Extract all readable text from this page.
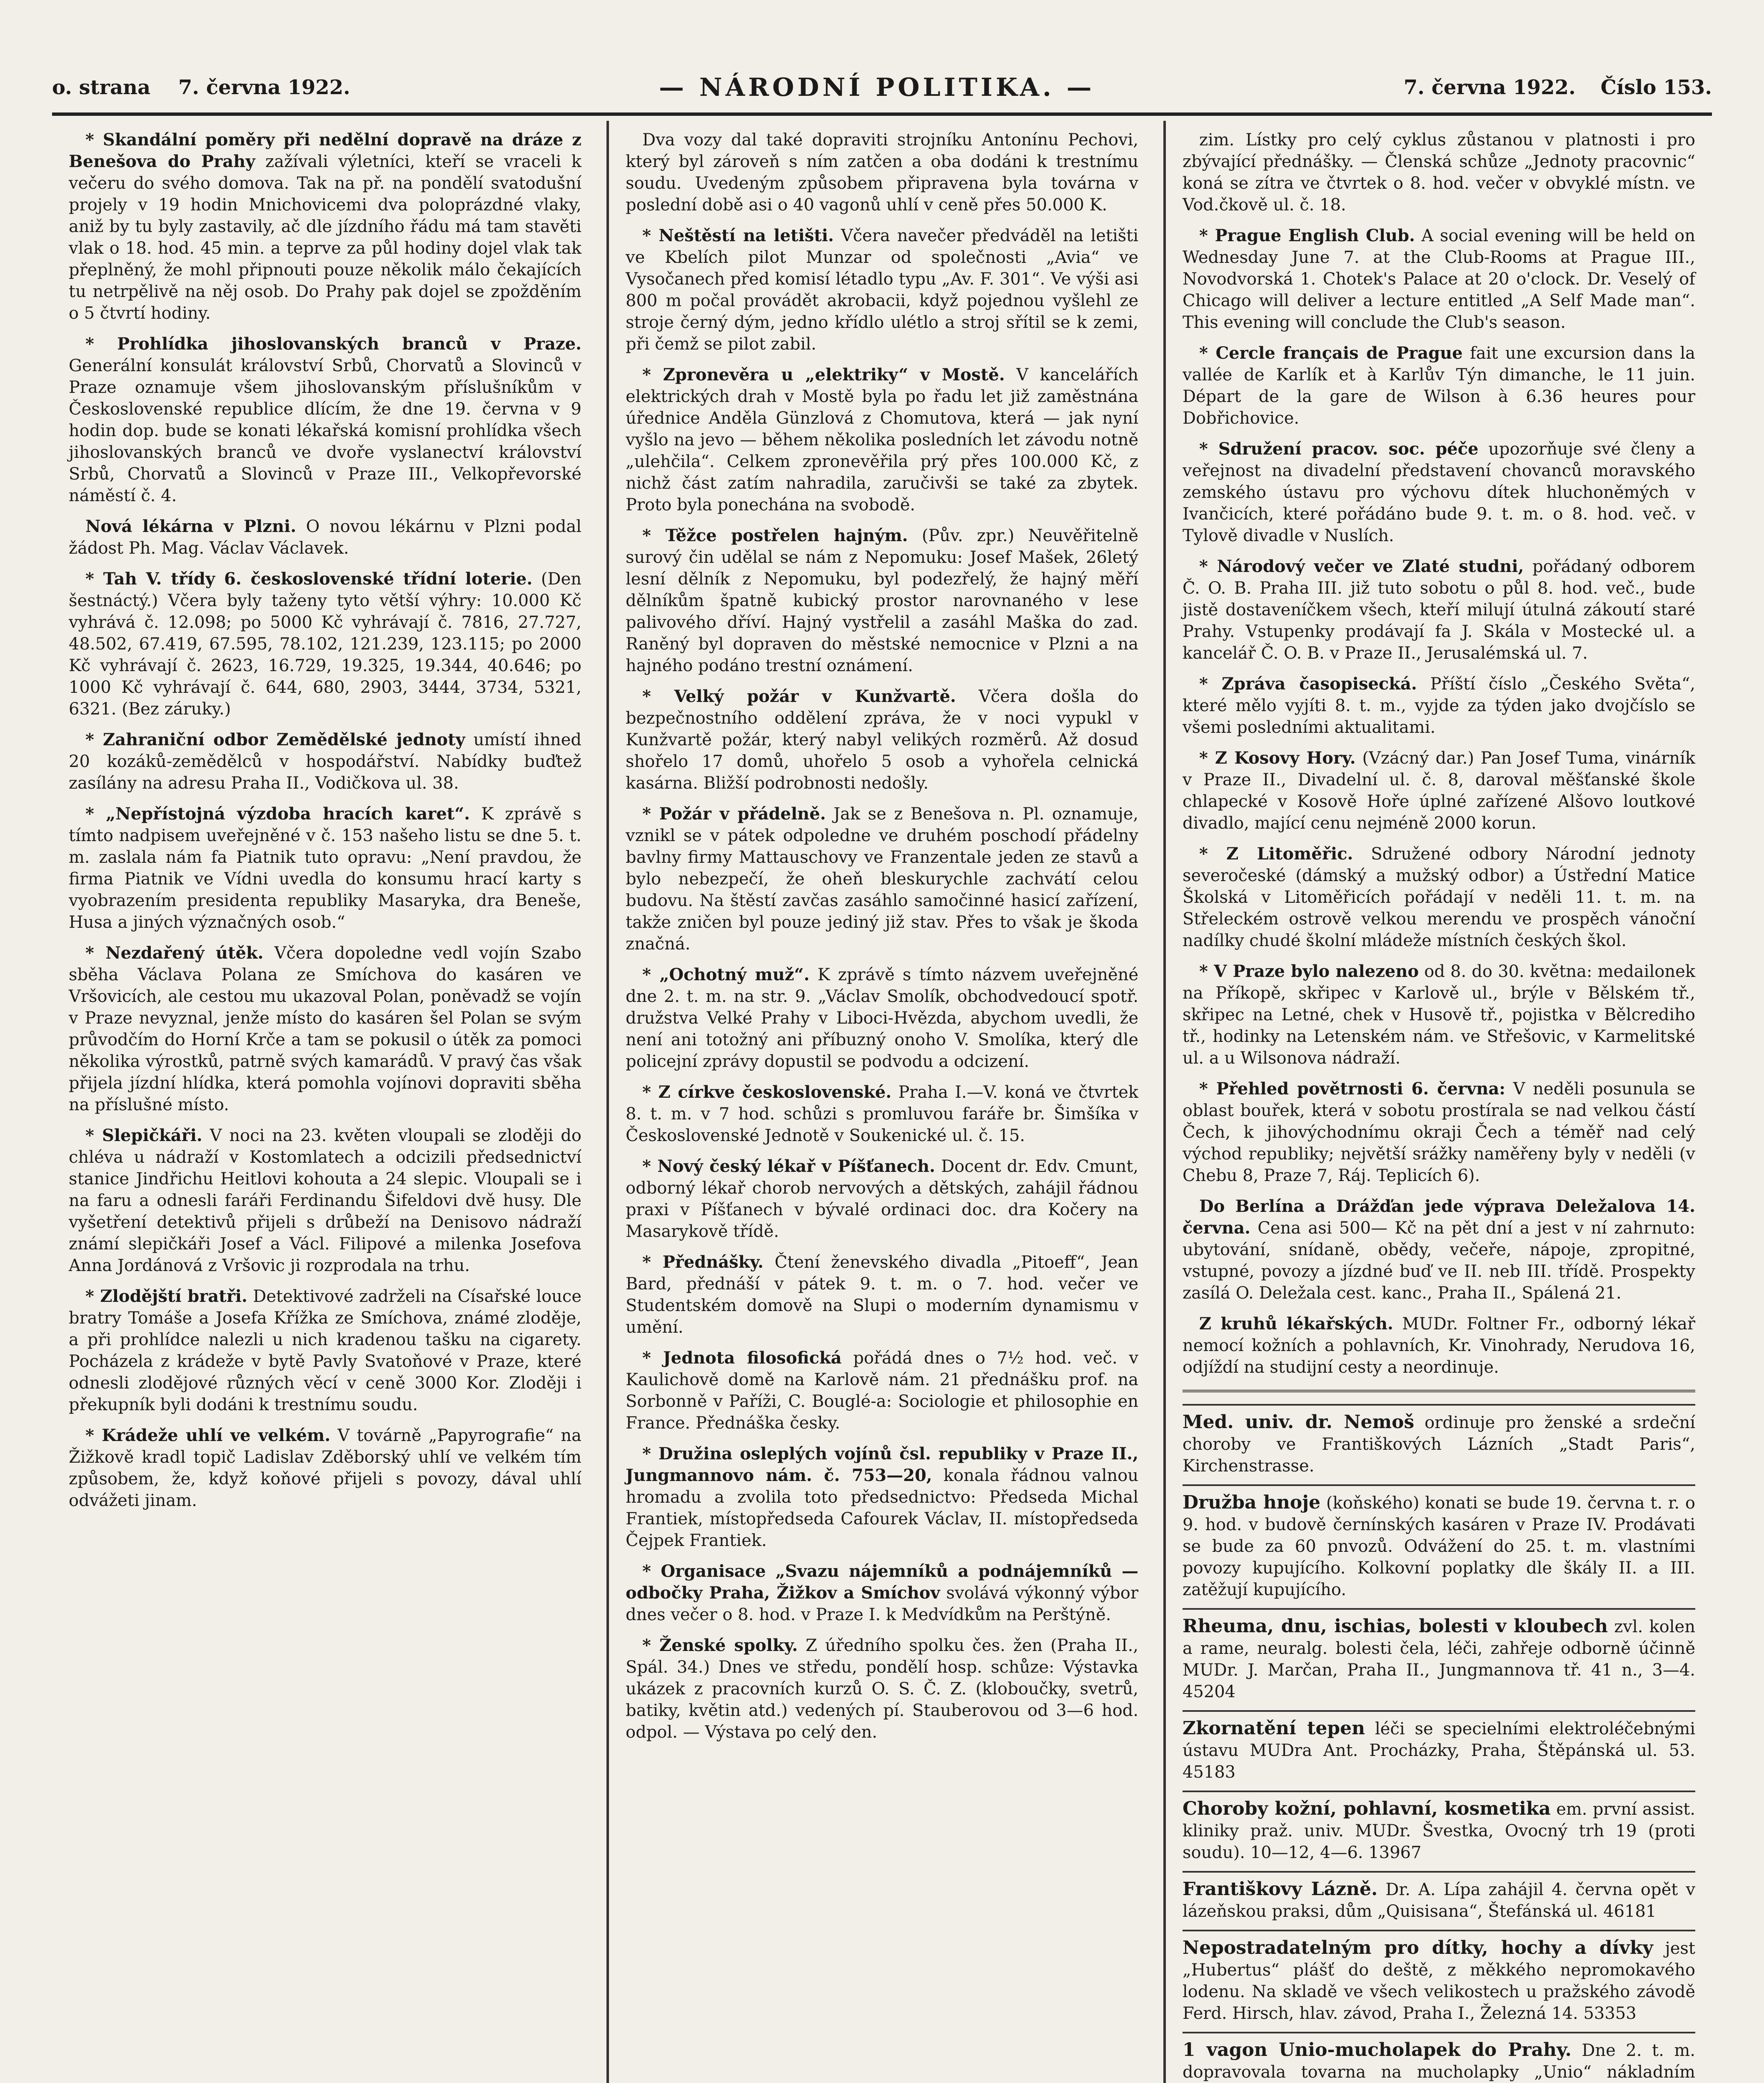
o. strana 7. června 1922.	— NÁRODNÍ POLITIKA. —	7. června 1922. Číslo 153.

* Skandální poměry při nedělní dopravě na dráze z Benešova do Prahy zažívali výletníci, kteří se vraceli k večeru do svého domova. Tak na př. na pondělí svatodušní projely v 19 hodin Mnichovicemi dva poloprázdné vlaky, aniž by tu byly zastavily, ač dle jízdního řádu má tam stavěti vlak o 18. hod. 45 min. a teprve za půl hodiny dojel vlak tak přeplněný, že mohl připnouti pouze několik málo čekajících tu netrpělivě na něj osob. Do Prahy pak dojel se zpožděním o 5 čtvrtí hodiny.

* Prohlídka jihoslovanských branců v Praze. Generální konsulát království Srbů, Chorvatů a Slovinců v Praze oznamuje všem jihoslovanským příslušníkům v Československé republice dlícím, že dne 19. června v 9 hodin dop. bude se konati lékařská komisní prohlídka všech jihoslovanských branců ve dvoře vyslanectví království Srbů, Chorvatů a Slovinců v Praze III., Velkopřevorské náměstí č. 4.

Nová lékárna v Plzni. O novou lékárnu v Plzni podal žádost Ph. Mag. Václav Václavek.

* Tah V. třídy 6. československé třídní loterie. (Den šestnáctý.) Včera byly taženy tyto větší výhry: 10.000 Kč vyhrává č. 12.098; po 5000 Kč vyhrávají č. 7816, 27.727, 48.502, 67.419, 67.595, 78.102, 121.239, 123.115; po 2000 Kč vyhrávají č. 2623, 16.729, 19.325, 19.344, 40.646; po 1000 Kč vyhrávají č. 644, 680, 2903, 3444, 3734, 5321, 6321. (Bez záruky.)

* Zahraniční odbor Zemědělské jednoty umístí ihned 20 kozáků-zemědělců v hospodářství. Nabídky buďtež zasílány na adresu Praha II., Vodičkova ul. 38.

* „Nepřístojná výzdoba hracích karet“. K zprávě s tímto nadpisem uveřejněné v č. 153 našeho listu se dne 5. t. m. zaslala nám fa Piatnik tuto opravu: „Není pravdou, že firma Piatnik ve Vídni uvedla do konsumu hrací karty s vyobrazením presidenta republiky Masaryka, dra Beneše, Husa a jiných význačných osob.“

* Nezdařený útěk. Včera dopoledne vedl vojín Szabo sběha Václava Polana ze Smíchova do kasáren ve Vršovicích, ale cestou mu ukazoval Polan, poněvadž se vojín v Praze nevyznal, jenže místo do kasáren šel Polan se svým průvodčím do Horní Krče a tam se pokusil o útěk za pomoci několika výrostků, patrně svých kamarádů. V pravý čas však přijela jízdní hlídka, která pomohla vojínovi dopraviti sběha na příslušné místo.

* Slepičkáři. V noci na 23. květen vloupali se zloději do chléva u nádraží v Kostomlatech a odcizili předsednictví stanice Jindřichu Heitlovi kohouta a 24 slepic. Vloupali se i na faru a odnesli faráři Ferdinandu Šifeldovi dvě husy. Dle vyšetření detektivů přijeli s drůbeží na Denisovo nádraží známí slepičkáři Josef a Václ. Filipové a milenka Josefova Anna Jordánová z Vršovic ji rozprodala na trhu.

* Zlodějští bratři. Detektivové zadrželi na Císařské louce bratry Tomáše a Josefa Křížka ze Smíchova, známé zloděje, a při prohlídce nalezli u nich kradenou tašku na cigarety. Pocházela z krádeže v bytě Pavly Svatoňové v Praze, které odnesli zlodějové různých věcí v ceně 3000 Kor. Zloději i překupník byli dodáni k trestnímu soudu.

* Krádeže uhlí ve velkém. V továrně „Papyrografie“ na Žižkově kradl topič Ladislav Zděborský uhlí ve velkém tím způsobem, že, když koňové přijeli s povozy, dával uhlí odvážeti jinam.

Dva vozy dal také dopraviti strojníku Antonínu Pechovi, který byl zároveň s ním zatčen a oba dodáni k trestnímu soudu. Uvedeným způsobem připravena byla továrna v poslední době asi o 40 vagonů uhlí v ceně přes 50.000 K.

* Neštěstí na letišti. Včera navečer předváděl na letišti ve Kbelích pilot Munzar od společnosti „Avia“ ve Vysočanech před komisí létadlo typu „Av. F. 301“. Ve výši asi 800 m počal provádět akrobacii, když pojednou vyšlehl ze stroje černý dým, jedno křídlo ulétlo a stroj sřítil se k zemi, při čemž se pilot zabil.

* Zpronevěra u „elektriky“ v Mostě. V kancelářích elektrických drah v Mostě byla po řadu let již zaměstnána úřednice Anděla Günzlová z Chomutova, která — jak nyní vyšlo na jevo — během několika posledních let závodu notně „ulehčila“. Celkem zpronevěřila prý přes 100.000 Kč, z nichž část zatím nahradila, zaručivši se také za zbytek. Proto byla ponechána na svobodě.

* Těžce postřelen hajným. (Pův. zpr.) Neuvěřitelně surový čin udělal se nám z Nepomuku: Josef Mašek, 26letý lesní dělník z Nepomuku, byl podezřelý, že hajný měří dělníkům špatně kubický prostor narovnaného v lese palivového dříví. Hajný vystřelil a zasáhl Maška do zad. Raněný byl dopraven do městské nemocnice v Plzni a na hajného podáno trestní oznámení.

* Velký požár v Kunžvartě. Včera došla do bezpečnostního oddělení zpráva, že v noci vypukl v Kunžvartě požár, který nabyl velikých rozměrů. Až dosud shořelo 17 domů, uhořelo 5 osob a vyhořela celnická kasárna. Bližší podrobnosti nedošly.

* Požár v přádelně. Jak se z Benešova n. Pl. oznamuje, vznikl se v pátek odpoledne ve druhém poschodí přádelny bavlny firmy Mattauschovy ve Franzentale jeden ze stavů a bylo nebezpečí, že oheň bleskurychle zachvátí celou budovu. Na štěstí zavčas zasáhlo samočinné hasicí zařízení, takže zničen byl pouze jediný již stav. Přes to však je škoda značná.

* „Ochotný muž“. K zprávě s tímto názvem uveřejněné dne 2. t. m. na str. 9. „Václav Smolík, obchodvedoucí spotř. družstva Velké Prahy v Liboci-Hvězda, abychom uvedli, že není ani totožný ani příbuzný onoho V. Smolíka, který dle policejní zprávy dopustil se podvodu a odcizení.

* Z církve československé. Praha I.—V. koná ve čtvrtek 8. t. m. v 7 hod. schůzi s promluvou faráře br. Šimšíka v Československé Jednotě v Soukenické ul. č. 15.

* Nový český lékař v Píšťanech. Docent dr. Edv. Cmunt, odborný lékař chorob nervových a dětských, zahájil řádnou praxi v Píšťanech v bývalé ordinaci doc. dra Kočery na Masarykově třídě.

* Přednášky. Čtení ženevského divadla „Pitoeff“, Jean Bard, přednáší v pátek 9. t. m. o 7. hod. večer ve Studentském domově na Slupi o moderním dynamismu v umění.

* Jednota filosofická pořádá dnes o 7½ hod. več. v Kaulichově domě na Karlově nám. 21 přednášku prof. na Sorbonně v Paříži, C. Bouglé-a: Sociologie et philosophie en France. Přednáška česky.

* Družina osleplých vojínů čsl. republiky v Praze II., Jungmannovo nám. č. 753—20, konala řádnou valnou hromadu a zvolila toto předsednictvo: Předseda Michal Frantiek, místopředseda Cafourek Václav, II. místopředseda Čejpek Frantiek.

* Organisace „Svazu nájemníků a podnájemníků — odbočky Praha, Žižkov a Smíchov svolává výkonný výbor dnes večer o 8. hod. v Praze I. k Medvídkům na Perštýně.

* Ženské spolky. Z úředního spolku čes. žen (Praha II., Spál. 34.) Dnes ve středu, pondělí hosp. schůze: Výstavka ukázek z pracovních kurzů O. S. Č. Z. (kloboučky, svetrů, batiky, květin atd.) vedených pí. Stauberovou od 3—6 hod. odpol. — Výstava po celý den.

zim. Lístky pro celý cyklus zůstanou v platnosti i pro zbývající přednášky. — Členská schůze „Jednoty pracovnic“ koná se zítra ve čtvrtek o 8. hod. večer v obvyklé místn. ve Vod.čkově ul. č. 18.

* Prague English Club. A social evening will be held on Wednesday June 7. at the Club-Rooms at Prague III., Novodvorská 1. Chotek's Palace at 20 o'clock. Dr. Veselý of Chicago will deliver a lecture entitled „A Self Made man“. This evening will conclude the Club's season.

* Cercle français de Prague fait une excursion dans la vallée de Karlík et à Karlův Týn dimanche, le 11 juin. Départ de la gare de Wilson à 6.36 heures pour Dobřichovice.

* Sdružení pracov. soc. péče upozorňuje své členy a veřejnost na divadelní představení chovanců moravského zemského ústavu pro výchovu dítek hluchoněmých v Ivančicích, které pořádáno bude 9. t. m. o 8. hod. več. v Tylově divadle v Nuslích.

* Národový večer ve Zlaté studni, pořádaný odborem Č. O. B. Praha III. již tuto sobotu o půl 8. hod. več., bude jistě dostaveníčkem všech, kteří milují útulná zákoutí staré Prahy. Vstupenky prodávají fa J. Skála v Mostecké ul. a kancelář Č. O. B. v Praze II., Jerusalémská ul. 7.

* Zpráva časopisecká. Příští číslo „Českého Světa“, které mělo vyjíti 8. t. m., vyjde za týden jako dvojčíslo se všemi posledními aktualitami.

* Z Kosovy Hory. (Vzácný dar.) Pan Josef Tuma, vinárník v Praze II., Divadelní ul. č. 8, daroval měšťanské škole chlapecké v Kosově Hoře úplné zařízené Alšovo loutkové divadlo, mající cenu nejméně 2000 korun.

* Z Litoměřic. Sdružené odbory Národní jednoty severočeské (dámský a mužský odbor) a Ústřední Matice Školská v Litoměřicích pořádají v neděli 11. t. m. na Střeleckém ostrově velkou merendu ve prospěch vánoční nadílky chudé školní mládeže místních českých škol.

* V Praze bylo nalezeno od 8. do 30. května: medailonek na Příkopě, skřipec v Karlově ul., brýle v Bělském tř., skřipec na Letné, chek v Husově tř., pojistka v Bělcrediho tř., hodinky na Letenském nám. ve Střešovic, v Karmelitské ul. a u Wilsonova nádraží.

* Přehled povětrnosti 6. června: V neděli posunula se oblast bouřek, která v sobotu prostírala se nad velkou částí Čech, k jihovýchodnímu okraji Čech a téměř nad celý východ republiky; největší srážky naměřeny byly v neděli (v Chebu 8, Praze 7, Ráj. Teplicích 6).

Do Berlína a Drážďan jede výprava Deležalova 14. června. Cena asi 500— Kč na pět dní a jest v ní zahrnuto: ubytování, snídaně, obědy, večeře, nápoje, zpropitné, vstupné, povozy a jízdné buď ve II. neb III. třídě. Prospekty zasílá O. Deležala cest. kanc., Praha II., Spálená 21.

Z kruhů lékařských. MUDr. Foltner Fr., odborný lékař nemocí kožních a pohlavních, Kr. Vinohrady, Nerudova 16, odjíždí na studijní cesty a neordinuje.

Med. univ. dr. Nemoš ordinuje pro ženské a srdeční choroby ve Františkových Lázních „Stadt Paris“, Kirchenstrasse.
Družba hnoje (koňského) konati se bude 19. června t. r. o 9. hod. v budově černínských kasáren v Praze IV. Prodávati se bude za 60 pnvozů. Odvážení do 25. t. m. vlastními povozy kupujícího. Kolkovní poplatky dle škály II. a III. zatěžují kupujícího.
Rheuma, dnu, ischias, bolesti v kloubech zvl. kolen a rame, neuralg. bolesti čela, léči, zahřeje odborně účinně MUDr. J. Marčan, Praha II., Jungmannova tř. 41 n., 3—4. 45204
Zkornatění tepen léči se specielními elektroléčebnými ústavu MUDra Ant. Procházky, Praha, Štěpánská ul. 53. 45183
Choroby kožní, pohlavní, kosmetika em. první assist. kliniky praž. univ. MUDr. Švestka, Ovocný trh 19 (proti soudu). 10—12, 4—6. 13967
Františkovy Lázně. Dr. A. Lípa zahájil 4. června opět v lázeňskou praksi, dům „Quisisana“, Štefánská ul. 46181
Nepostradatelným pro dítky, hochy a dívky jest „Hubertus“ plášť do deště, z měkkého nepromokavého lodenu. Na skladě ve všech velikostech u pražského závodě Ferd. Hirsch, hlav. závod, Praha I., Železná 14. 53353
1 vagon Unio-mucholapek do Prahy. Dne 2. t. m. dopravovala tovarna na mucholapky „Unio“ nákladním
